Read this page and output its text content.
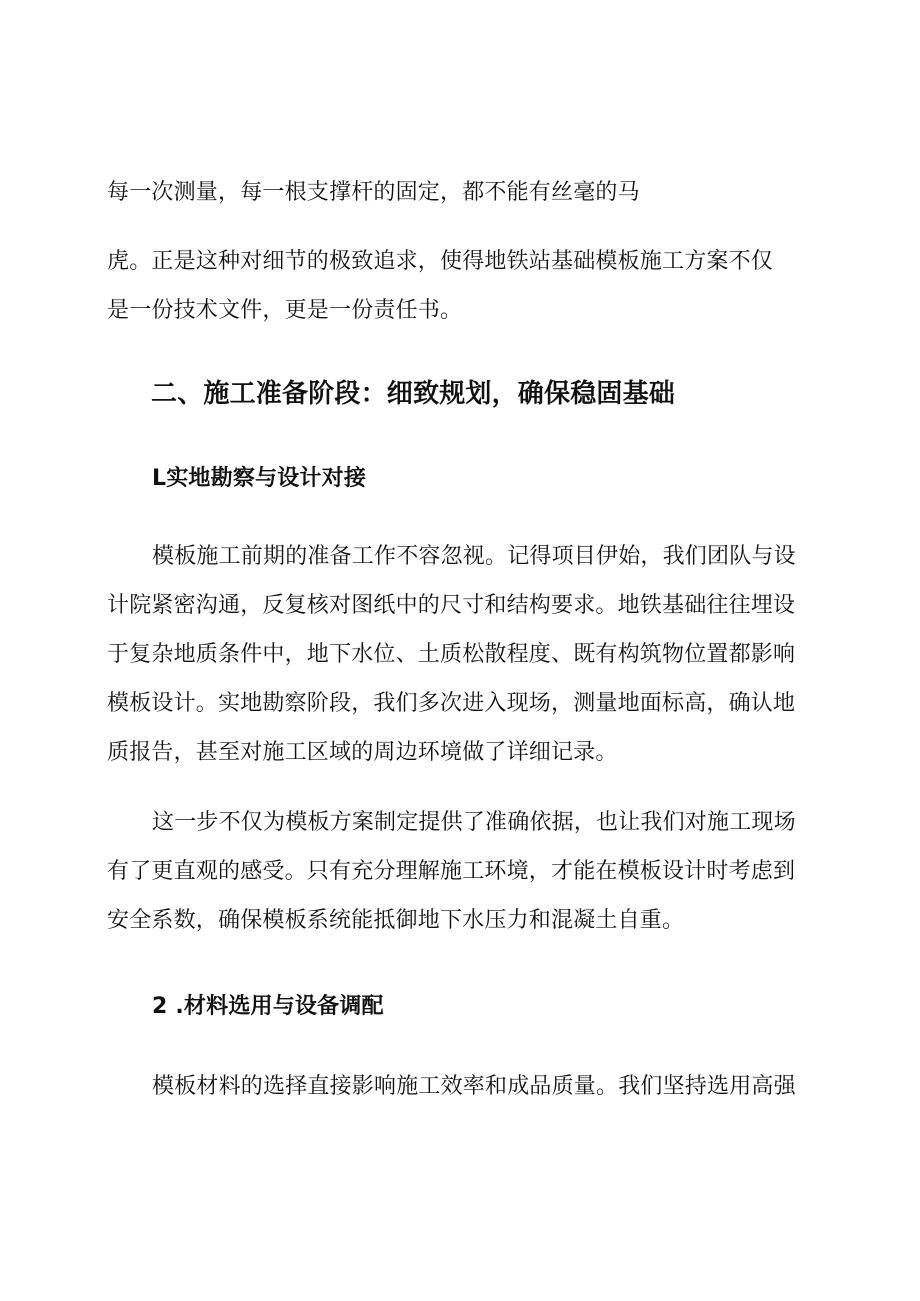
每一次测量，每一根支撑杆的固定，都不能有丝毫的马
虎。正是这种对细节的极致追求，使得地铁站基础模板施工方案不仅
是一份技术文件，更是一份责任书。
二、施工准备阶段：细致规划，确保稳固基础
L实地勘察与设计对接
模板施工前期的准备工作不容忽视。记得项目伊始，我们团队与设
计院紧密沟通，反复核对图纸中的尺寸和结构要求。地铁基础往往埋设
于复杂地质条件中，地下水位、土质松散程度、既有构筑物位置都影响
模板设计。实地勘察阶段，我们多次进入现场，测量地面标高，确认地
质报告，甚至对施工区域的周边环境做了详细记录。
这一步不仅为模板方案制定提供了准确依据，也让我们对施工现场
有了更直观的感受。只有充分理解施工环境，才能在模板设计时考虑到
安全系数，确保模板系统能抵御地下水压力和混凝土自重。
2 .材料选用与设备调配
模板材料的选择直接影响施工效率和成品质量。我们坚持选用高强
